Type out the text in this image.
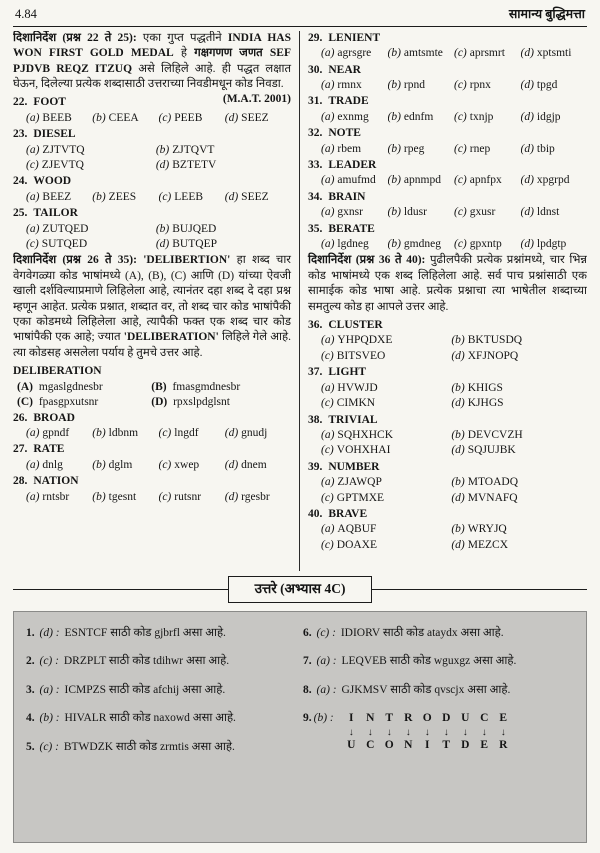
4.84	सामान्य बुद्धिमत्ता

दिशानिर्देश (प्रश्न 22 ते 25): एका गुप्त पद्धतीने INDIA HAS WON FIRST GOLD MEDAL हे गक्षगणण जणत SEF PJDVB REQZ ITZUQ असे लिहिले आहे. ही पद्धत लक्षात घेऊन, दिलेल्या प्रत्येक शब्दासाठी उत्तराच्या निवडीमधून कोड निवडा.
(M.A.T. 2001)

22. FOOT
(a) BEEB	(b) CEEA	(c) PEEB	(d) SEEZ
23. DIESEL
(a) ZJTVTQ	(b) ZJTQVT
(c) ZJEVTQ	(d) BZTETV
24. WOOD
(a) BEEZ	(b) ZEES	(c) LEEB	(d) SEEZ
25. TAILOR
(a) ZUTQED	(b) BUJQED
(c) SUTQED	(d) BUTQEP

दिशानिर्देश (प्रश्न 26 ते 35): 'DELIBERTION' हा शब्द चार वेगवेगळ्या कोड भाषांमध्ये (A), (B), (C) आणि (D) यांच्या ऐवजी खाली दर्शविल्याप्रमाणे लिहिलेला आहे, त्यानंतर दहा शब्द दे दहा प्रश्न म्हणून आहेत. प्रत्येक प्रश्नात, शब्दात वर, तो शब्द चार कोड भाषांपैकी एका कोडमध्ये लिहिलेला आहे, त्यापैकी फक्त एक शब्द चार कोड भाषांपैकी एक आहे; ज्यात 'DELIBERATION' लिहिले गेले आहे. त्या कोडसह असलेला पर्याय हे तुमचे उत्तर आहे.

DELIBERATION
(A) mgaslgdnesbr	(B) fmasgmdnesbr
(C) fpasgpxutsnr	(D) rpxslpdglsnt
26. BROAD
(a) gpndf	(b) ldbnm	(c) lngdf	(d) gnudj
27. RATE
(a) dnlg	(b) dglm	(c) xwep	(d) dnem
28. NATION
(a) rntsbr	(b) tgesnt	(c) rutsnr	(d) rgesbr
29. LENIENT
(a) agrsgre	(b) amtsmte (c) aprsmrt	(d) xptsmti
30. NEAR
(a) rmnx	(b) rpnd	(c) rpnx	(d) tpgd
31. TRADE
(a) exnmg	(b) ednfm	(c) txnjp	(d) idgjp
32. NOTE
(a) rbem	(b) rpeg	(c) rnep	(d) tbip
33. LEADER
(a) amufmd	(b) apnmpd	(c) apnfpx	(d) xpgrpd
34. BRAIN
(a) gxnsr	(b) ldusr	(c) gxusr	(d) ldnst
35. BERATE
(a) lgdneg	(b) gmdneg	(c) gpxntp	(d) lpdgtp

दिशानिर्देश (प्रश्न 36 ते 40): पुढीलपैकी प्रत्येक प्रश्नांमध्ये, चार भिन्न कोड भाषांमध्ये एक शब्द लिहिलेला आहे. सर्व पाच प्रश्नांसाठी एक सामाईक कोड भाषा आहे. प्रत्येक प्रश्नाचा त्या भाषेतील शब्दाच्या समतुल्य कोड हा आपले उत्तर आहे.

36. CLUSTER
(a) YHPQDXE	(b) BKTUSDQ
(c) BITSVEO	(d) XFJNOPQ
37. LIGHT
(a) HVWJD	(b) KHIGS
(c) CIMKN	(d) KJHGS
38. TRIVIAL
(a) SQHXHCK	(b) DEVCVZH
(c) VOHXHAI	(d) SQJUJBK
39. NUMBER
(a) ZJAWQP	(b) MTOADQ
(c) GPTMXE	(d) MVNAFQ
40. BRAVE
(a) AQBUF	(b) WRYJQ
(c) DOAXE	(d) MEZCX
उत्तरे (अभ्यास 4C)
1. (d) : ESNTCF साठी कोड gjbrfl असा आहे.
2. (c) : DRZPLT साठी कोड tdihwr असा आहे.
3. (a) : ICMPZS साठी कोड afchij असा आहे.
4. (b) : HIVALR साठी कोड naxowd असा आहे.
5. (c) : BTWDZK साठी कोड zrmtis असा आहे.
6. (c) : IDIORV साठी कोड ataydx असा आहे.
7. (a) : LEQVEB साठी कोड wguxgz असा आहे.
8. (a) : GJKMSV साठी कोड qvscjx असा आहे.
9. (b) :	I	N T R O D U C E
↓	↓	↓	↓	↓	↓	↓	↓	↓
U C O N	I	T D E R
